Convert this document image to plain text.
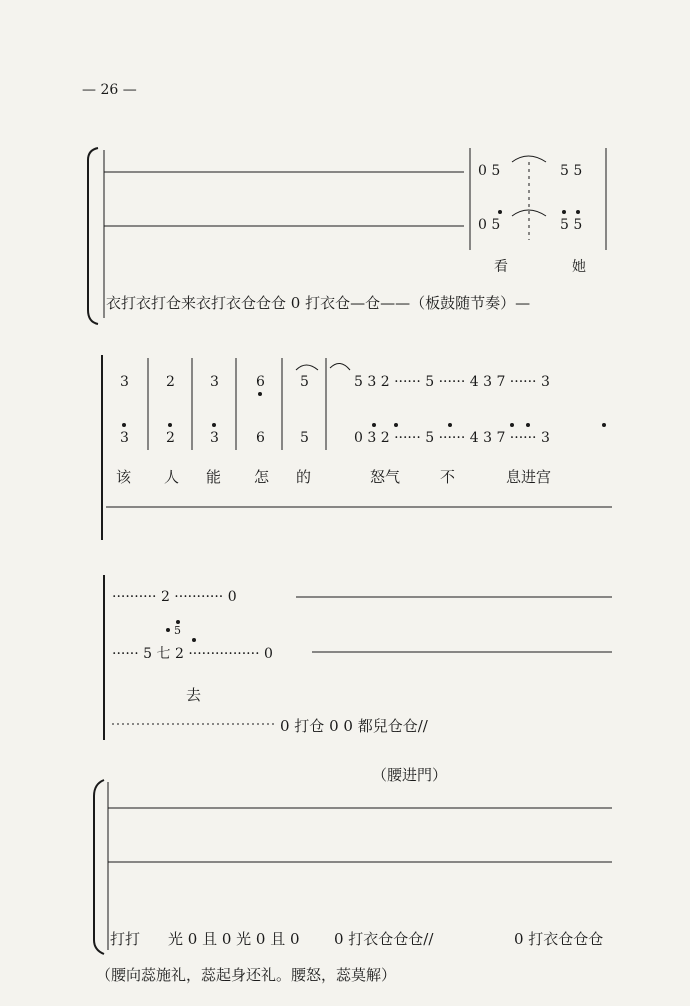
— 26 —
0 5	5 5
0 5	5 5
看	她
衣打衣打仓来衣打衣仓仓仓 0 打衣仓—仓——（板鼓随节奏）—
3	2	3	6	5	5 3 2 ······ 5 ······ 4 3 7 ······ 3
3	2	3	6	5	0 3 2 ······ 5 ······ 4 3 7 ······ 3
该 人 能 怎 的	怒气	不	息进宫
·········· 2 ··········· 0
5
······ 5 七 2 ················ 0
去
0 打仓 0 0 都兒仓仓//
（腰进門）
打打 光 0 且 0 光 0 且 0 0 打衣仓仓仓//	0 打衣仓仓仓
（腰向蕊施礼，蕊起身还礼。腰怒，蕊莫解）
